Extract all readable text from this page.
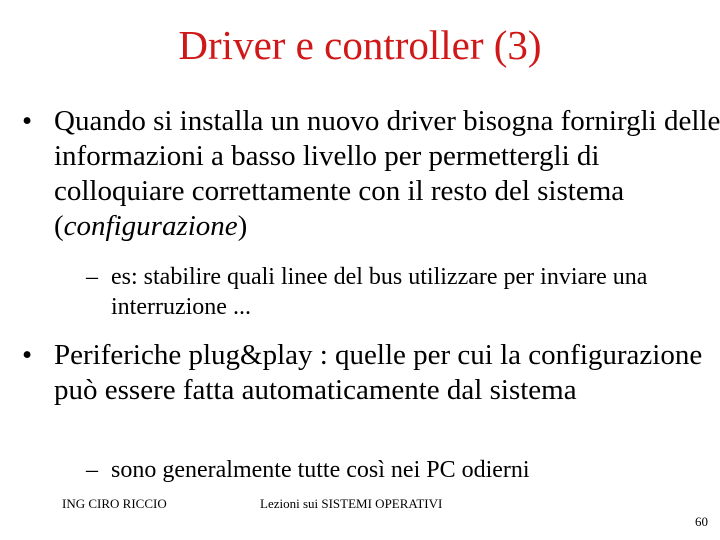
Driver e controller (3)
• Quando si installa un nuovo driver bisogna fornirgli delle informazioni a basso livello per permettergli di colloquiare correttamente con il resto del sistema (configurazione)
– es: stabilire quali linee del bus utilizzare per inviare una interruzione ...
• Periferiche plug&play : quelle per cui la configurazione può essere fatta automaticamente dal sistema
– sono generalmente tutte così nei PC odierni
ING CIRO RICCIO	Lezioni sui SISTEMI OPERATIVI
60
